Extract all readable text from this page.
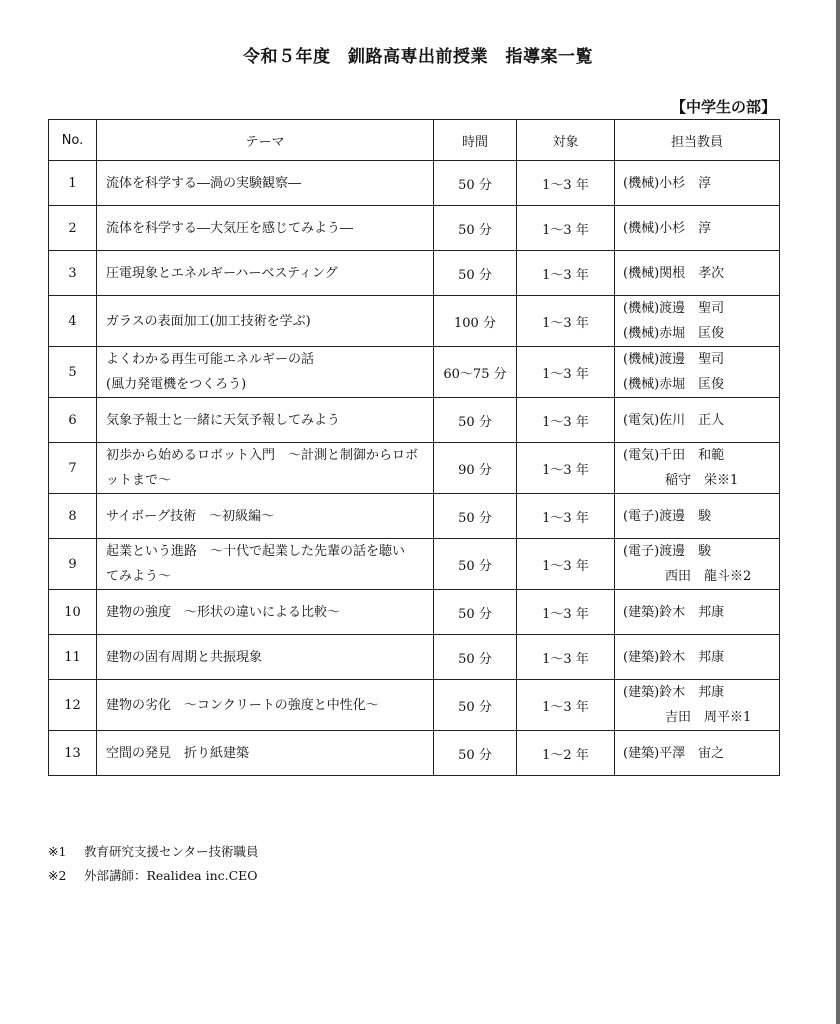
令和５年度　釧路高専出前授業　指導案一覧
【中学生の部】
No.	テーマ	時間	対象	担当教員
1	流体を科学する―渦の実験観察―	50 分	1～3 年	(機械)小杉　淳

2	流体を科学する―大気圧を感じてみよう―	50 分	1～3 年	(機械)小杉　淳

3	圧電現象とエネルギーハーベスティング	50 分	1～3 年	(機械)関根　孝次

4	ガラスの表面加工(加工技術を学ぶ)	100 分	1～3 年	(機械)渡邊　聖司
(機械)赤堀　匡俊

5	よくわかる再生可能エネルギーの話
(風力発電機をつくろう)	60～75 分	1～3 年	(機械)渡邊　聖司
(機械)赤堀　匡俊

6	気象予報士と一緒に天気予報してみよう	50 分	1～3 年	(電気)佐川　正人

7	初歩から始めるロボット入門　～計測と制御からロボ
ットまで～	90 分	1～3 年	(電気)千田　和範
稲守　栄※1

8	サイボーグ技術　～初級編～	50 分	1～3 年	(電子)渡邊　駿

9	起業という進路　～十代で起業した先輩の話を聴い
てみよう～	50 分	1～3 年	(電子)渡邊　駿
西田　龍斗※2

10	建物の強度　～形状の違いによる比較～	50 分	1～3 年	(建築)鈴木　邦康

11	建物の固有周期と共振現象	50 分	1～3 年	(建築)鈴木　邦康

12	建物の劣化　～コンクリートの強度と中性化～	50 分	1～3 年	(建築)鈴木　邦康
吉田　周平※1

13	空間の発見　折り紙建築	50 分	1～2 年	(建築)平澤　宙之
※1 教育研究支援センター技術職員
※2 外部講師：Realidea inc.CEO
